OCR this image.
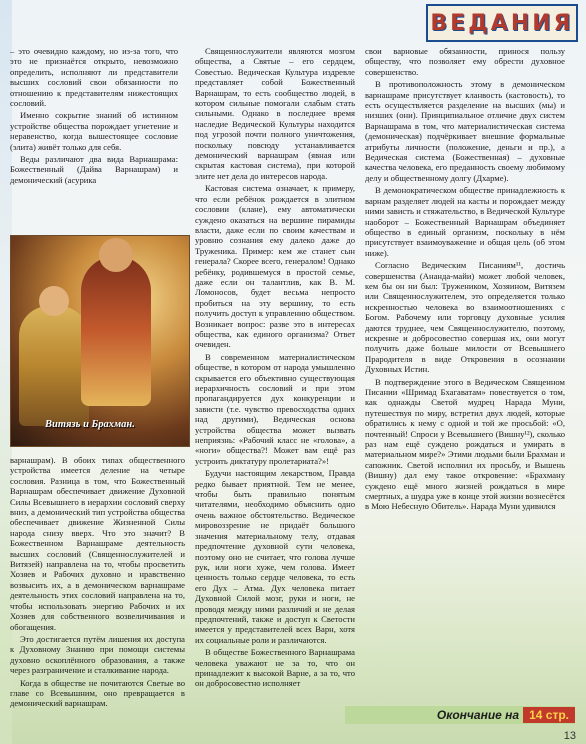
ВЕДАНИЯ

– это очевидно каждому, но из-за того, что это не признаётся открыто, невозможно определить, исполняют ли представители высших сословий свои обязанности по отношению к представителям нижестоящих сословий.

Именно сокрытие знаний об истинном устройстве общества порождает угнетение и неравенство, когда вышестоящее сословие (элита) живёт только для себя.

Веды различают два вида Варнашрама: Божественный (Дайва Варнашрам) и демонический (асурика

Витязь и Брахман.

варнашрам). В обоих типах общественного устройства имеется деление на четыре сословия. Разница в том, что Божественный Варнашрам обеспечивает движение Духовной Силы Всевышнего в иерархии сословий сверху вниз, а демонический тип устройства общества обеспечивает движение Жизненной Силы народа снизу вверх. Что это значит? В Божественном Варнашраме деятельность высших сословий (Священнослужителей и Витязей) направлена на то, чтобы просветить Хозяев и Рабочих духовно и нравственно возвысить их, а в демоническом варнашраме деятельность этих сословий направлена на то, чтобы использовать энергию Рабочих и их Хозяев для собственного возвеличивания и обогащения.

Это достигается путём лишения их доступа к Духовному Знанию при помощи системы духовно оскоплённого образования, а также через разграничение и сталкивание народа.

Когда в обществе не почитаются Светые во главе со Всевышним, оно превращается в демонический варнашрам.

Священнослужители являются мозгом общества, а Святые – его сердцем, Совестью. Ведическая Культура издревле представляет собой Божественный Варнашрам, то есть сообщество людей, в котором сильные помогали слабым стать сильными. Однако в последнее время наследие Ведической Культуры находится под угрозой почти полного уничтожения, поскольку повсюду устанавливается демонический варнашрам (явная или скрытая кастовая система), при которой элите нет дела до интересов народа.

Кастовая система означает, к примеру, что если ребёнок рождается в элитном сословии (клане), ему автоматически суждено оказаться на вершине пирамиды власти, даже если по своим качествам и уровню сознания ему далеко даже до Труженика. Пример: кем же станет сын генерала? Скорее всего, генералом! Однако ребёнку, родившемуся в простой семье, даже если он талантлив, как В. М. Ломоносов, будет весьма непросто пробиться на эту вершину, то есть получить доступ к управлению обществом. Возникает вопрос: разве это в интересах общества, как единого организма? Ответ очевиден.

В современном материалистическом обществе, в котором от народа умышленно скрывается его объективно существующая иерархичность сословий и при этом пропагандируется дух конкуренции и зависти (т.е. чувство превосходства одних над другими), Ведическая основа устройства общества может вызвать неприязнь: «Рабочий класс не «голова», а «ноги» общества?! Может вам ещё раз устроить диктатуру пролетариата?»!

Будучи настоящим лекарством, Правда редко бывает приятной. Тем не менее, чтобы быть правильно понятым читателями, необходимо объяснить одно очень важное обстоятельство. Ведическое мировоззрение не придаёт большого значения материальному телу, отдавая предпочтение духовной сути человека, поэтому оно не считает, что голова лучше рук, или ноги хуже, чем голова. Имеет ценность только сердце человека, то есть его Дух – Атма. Дух человека питает Духовной Силой мозг, руки и ноги, не проводя между ними различий и не делая предпочтений, также и доступ к Светости имеется у представителей всех Варн, хотя их социальные роли и различаются.

В обществе Божественного Варнашрама человека уважают не за то, что он принадлежит к высокой Варне, а за то, что он добросовестно исполняет

свои варновые обязанности, принося пользу обществу, что позволяет ему обрести духовное совершенство.

В противоположность этому в демоническом варнашраме присутствует кланвость (кастовость), то есть осуществляется разделение на высших (мы) и низших (они). Принципиальное отличие двух систем Варнашрама в том, что материалистическая система (демоническая) подчёркивает внешние формальные атрибуты личности (положение, деньги и пр.), а Ведическая система (Божественная) – духовные качества человека, его преданность своему любимому делу и общественному долгу (Дхарме).

В демонократическом обществе принадлежность к варнам разделяет людей на касты и порождает между ними зависть и стяжательство, в Ведической Культуре наоборот – Божественный Варнашрам объединяет общество в единый организм, поскольку в нём присутствует взаимоуважение и общая цель (об этом ниже).

Согласно Ведическим Писаниям¹¹, достичь совершенства (Ананда-майи) может любой человек, кем бы он ни был: Тружеником, Хозяином, Витязем или Священнослужителем, это определяется только искренностью человека во взаимоотношениях с Богом. Рабочему или торговцу духовные усилия даются труднее, чем Священнослужителю, поэтому, искренне и добросовестно совершая их, они могут получить даже больше милости от Всевышнего Прародителя в виде Откровения в осознании Духовных Истин.

В подтверждение этого в Ведическом Священном Писании «Шримад Бхагаватам» повествуется о том, как однажды Светой мудрец Нарада Муни, путешествуя по миру, встретил двух людей, которые обратились к нему с одной и той же просьбой: «О, почтенный! Спроси у Всевышнего (Вишну¹²), сколько раз нам ещё суждено рождаться и умирать в материальном мире?» Этими людьми были Брахман и сапожник. Светой исполнил их просьбу, и Вышень (Вишну) дал ему такое откровение: «Брахману суждено ещё много жизней рождаться в мире смертных, а шудра уже в конце этой жизни вознесётся в Мою Небесную Обитель». Нарада Муни удивился

Окончание на 14 стр.
13
